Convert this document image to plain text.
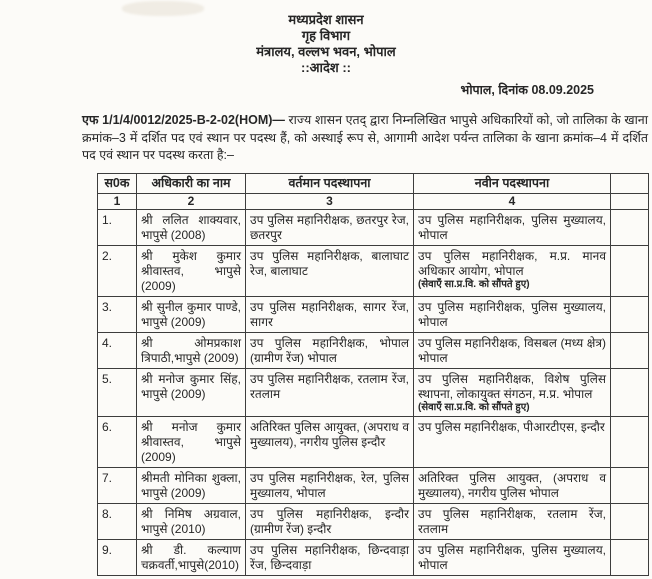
मध्यप्रदेश शासन
गृह विभाग
मंत्रालय, वल्लभ भवन, भोपाल
::आदेश ::
भोपाल, दिनांक 08.09.2025

एफ 1/1/4/0012/2025-B-2-02(HOM)— राज्य शासन एतद् द्वारा निम्नलिखित भापुसे अधिकारियों को, जो तालिका के खाना क्रमांक–3 में दर्शित पद एवं स्थान पर पदस्थ हैं, को अस्थाई रूप से, आगामी आदेश पर्यन्त तालिका के खाना क्रमांक–4 में दर्शित पद एवं स्थान पर पदस्थ करता है:–

स0क	अधिकारी का नाम	वर्तमान पदस्थापना	नवीन पदस्थापना	
1	2	3	4	
1.	श्री ललित शाक्यवार, भापुसे (2008)	उप पुलिस महानिरीक्षक, छतरपुर रेज, छतरपुर	उप पुलिस महानिरीक्षक, पुलिस मुख्यालय, भोपाल	
2.	श्री मुकेश कुमार श्रीवास्तव, भापुसे (2009)	उप पुलिस महानिरीक्षक, बालाघाट रेज, बालाघाट	उप पुलिस महानिरीक्षक, म.प्र. मानव अधिकार आयोग, भोपाल
(सेवाएँ सा.प्र.वि. को सौंपते हुए)	

3.	श्री सुनील कुमार पाण्डे, भापुसे (2009)	उप पुलिस महानिरीक्षक, सागर रेंज, सागर	उप पुलिस महानिरीक्षक, पुलिस मुख्यालय, भोपाल	
4.	श्री ओमप्रकाश त्रिपाठी,भापुसे (2009)	उप पुलिस महानिरीक्षक, भोपाल (ग्रामीण रेंज) भोपाल	उप पुलिस महानिरीक्षक, विसबल (मध्य क्षेत्र) भोपाल	
5.	श्री मनोज कुमार सिंह, भापुसे (2009)	उप पुलिस महानिरीक्षक, रतलाम रेंज, रतलाम	उप पुलिस महानिरीक्षक, विशेष पुलिस स्थापना, लोकायुक्त संगठन, म.प्र. भोपाल
(सेवाएँ सा.प्र.वि. को सौंपते हुए)	

6.	श्री मनोज कुमार श्रीवास्तव, भापुसे (2009)	अतिरिक्त पुलिस आयुक्त, (अपराध व मुख्यालय), नगरीय पुलिस इन्दौर	उप पुलिस महानिरीक्षक, पीआरटीएस, इन्दौर	
7.	श्रीमती मोनिका शुक्ला, भापुसे (2009)	उप पुलिस महानिरीक्षक, रेल, पुलिस मुख्यालय, भोपाल	अतिरिक्त पुलिस आयुक्त, (अपराध व मुख्यालय), नगरीय पुलिस भोपाल	
8.	श्री निमिष अग्रवाल, भापुसे (2010)	उप पुलिस महानिरीक्षक, इन्दौर (ग्रामीण रेंज) इन्दौर	उप पुलिस महानिरीक्षक, रतलाम रेंज, रतलाम	
9.	श्री डी. कल्याण चक्रवर्ती,भापुसे(2010)	उप पुलिस महानिरीक्षक, छिन्दवाड़ा रेंज, छिन्दवाड़ा	उप पुलिस महानिरीक्षक, पुलिस मुख्यालय, भोपाल	
